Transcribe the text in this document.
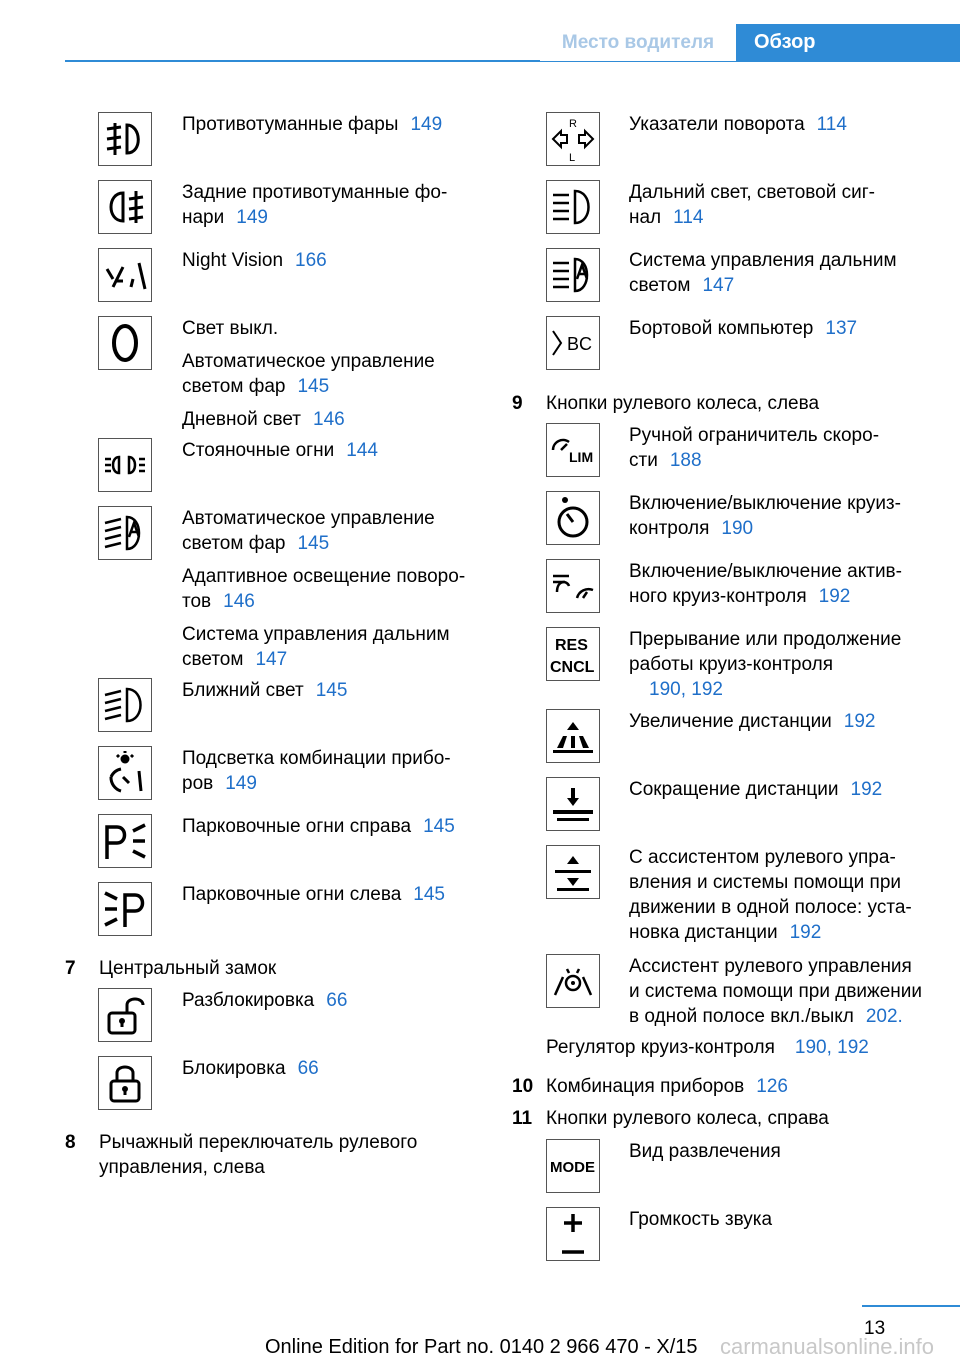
Место водителя	Обзор
Противотуманные фары 149
Задние противотуманные фо-
нари 149
Night Vision 166

Свет выкл.

Автоматическое управление
светом фар 145

Дневной свет 146

Стояночные огни 144

Автоматическое управление
светом фар 145

Адаптивное освещение поворо-
тов 146

Система управления дальним
светом 147

Ближний свет 145
Подсветка комбинации прибо-
ров 149
Парковочные огни справа 145
Парковочные огни слева 145
7 Центральный замок
Разблокировка 66
Блокировка 66
8 Рычажный переключатель рулевого
управления, слева
R
L
Указатели поворота 114
Дальний свет, световой сиг-
нал 114
Система управления дальним
светом 147
BC
Бортовой компьютер 137
9 Кнопки рулевого колеса, слева
LIM
Ручной ограничитель скоро-
сти 188
Включение/выключение круиз-
контроля 190
Включение/выключение актив-
ного круиз-контроля 192
RES
CNCL
Прерывание или продолжение
работы круиз-контроля
190, 192
Увеличение дистанции 192
Сокращение дистанции 192
С ассистентом рулевого упра-
вления и системы помощи при
движении в одной полосе: уста-
новка дистанции 192
Ассистент рулевого управления
и система помощи при движении
в одной полосе вкл./выкл 202.
Регулятор круиз-контроля 190, 192
10 Комбинация приборов 126
11 Кнопки рулевого колеса, справа
MODE
Вид развлечения
Громкость звука
13
Online Edition for Part no. 0140 2 966 470 - X/15 carmanualsonline.info
